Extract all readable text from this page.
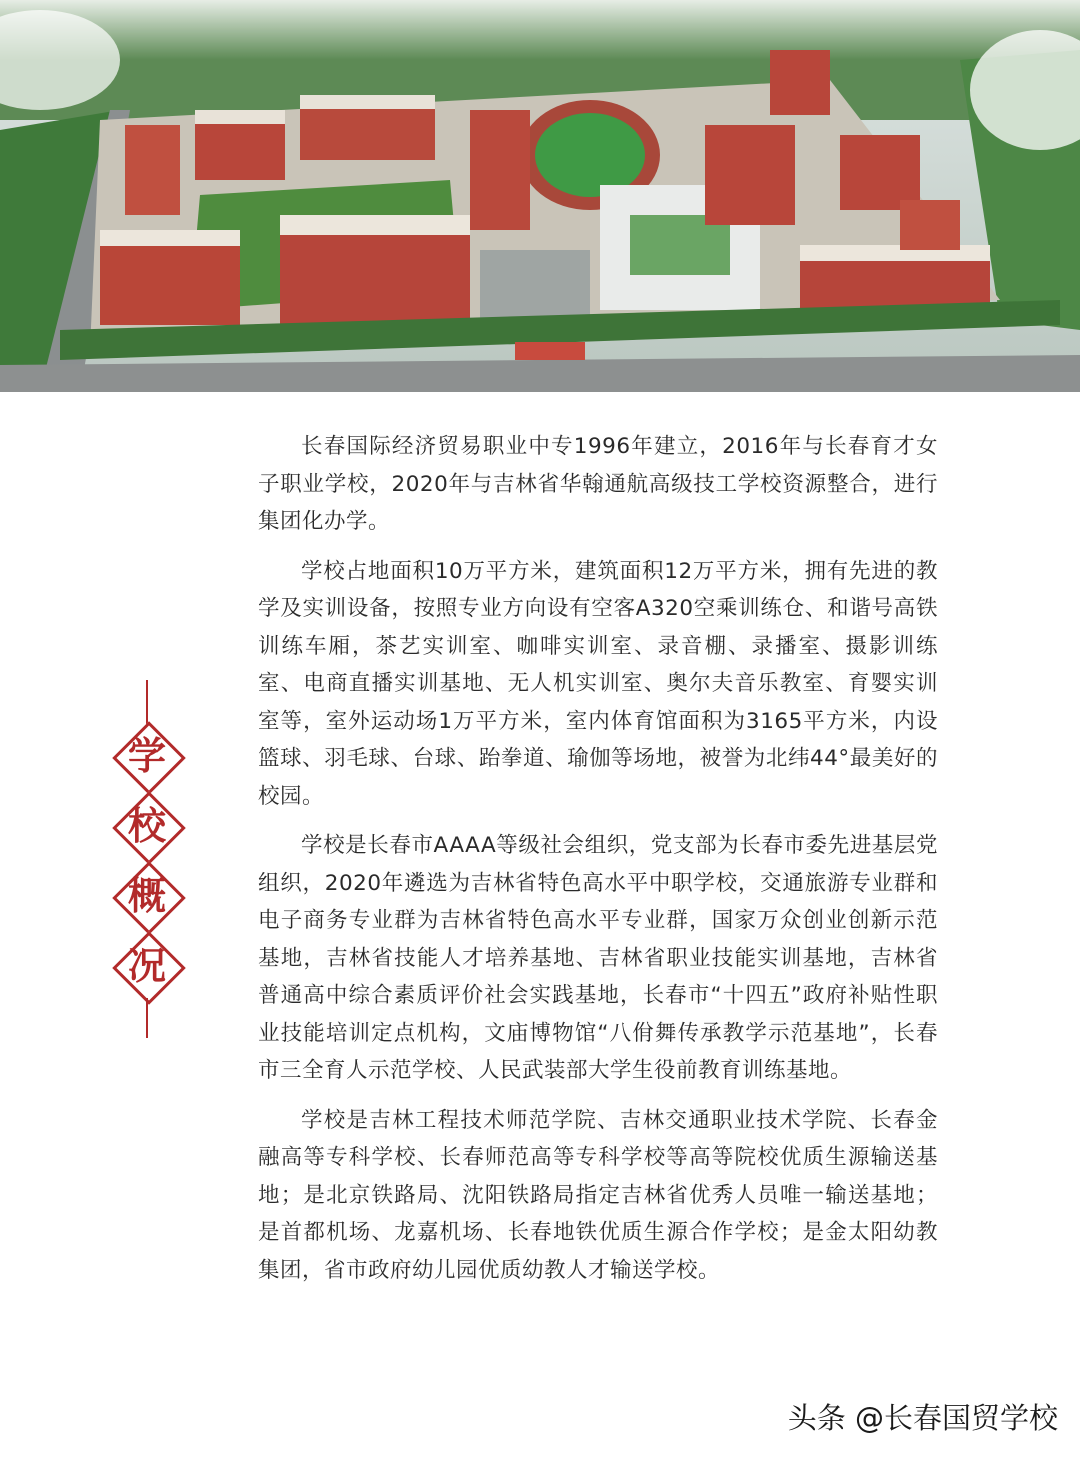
学
校
概
况

长春国际经济贸易职业中专1996年建立，2016年与长春育才女子职业学校，2020年与吉林省华翰通航高级技工学校资源整合，进行集团化办学。

学校占地面积10万平方米，建筑面积12万平方米，拥有先进的教学及实训设备，按照专业方向设有空客A320空乘训练仓、和谐号高铁训练车厢，茶艺实训室、咖啡实训室、录音棚、录播室、摄影训练室、电商直播实训基地、无人机实训室、奥尔夫音乐教室、育婴实训室等，室外运动场1万平方米，室内体育馆面积为3165平方米，内设篮球、羽毛球、台球、跆拳道、瑜伽等场地，被誉为北纬44°最美好的校园。

学校是长春市AAAA等级社会组织，党支部为长春市委先进基层党组织，2020年遴选为吉林省特色高水平中职学校，交通旅游专业群和电子商务专业群为吉林省特色高水平专业群，国家万众创业创新示范基地，吉林省技能人才培养基地、吉林省职业技能实训基地，吉林省普通高中综合素质评价社会实践基地，长春市“十四五”政府补贴性职业技能培训定点机构，文庙博物馆“八佾舞传承教学示范基地”，长春市三全育人示范学校、人民武装部大学生役前教育训练基地。

学校是吉林工程技术师范学院、吉林交通职业技术学院、长春金融高等专科学校、长春师范高等专科学校等高等院校优质生源输送基地；是北京铁路局、沈阳铁路局指定吉林省优秀人员唯一输送基地；是首都机场、龙嘉机场、长春地铁优质生源合作学校；是金太阳幼教集团，省市政府幼儿园优质幼教人才输送学校。

头条 @长春国贸学校
